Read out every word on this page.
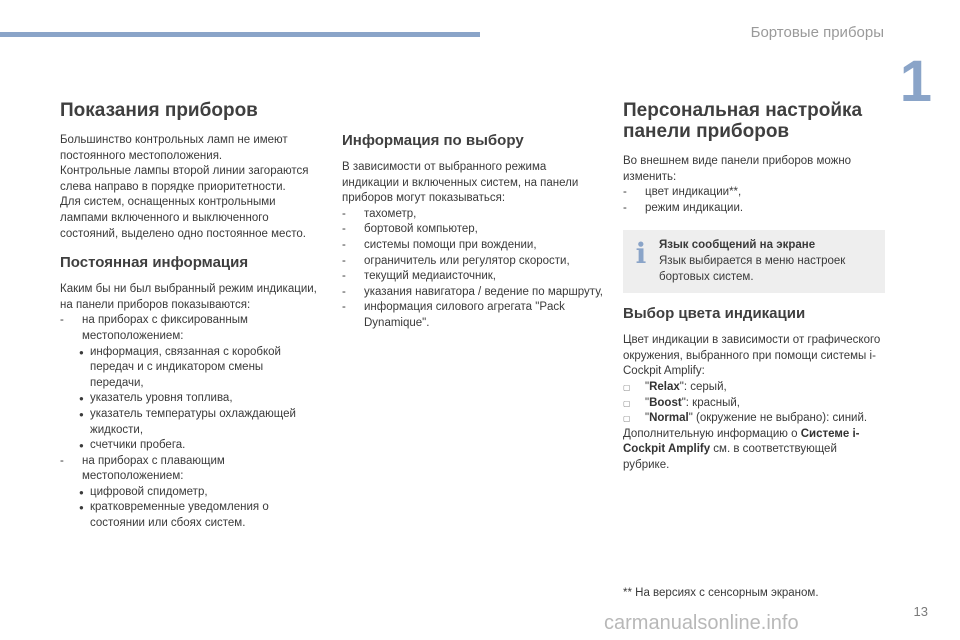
Бортовые приборы
1
Показания приборов

Большинство контрольных ламп не имеют постоянного местоположения.

Контрольные лампы второй линии загораются слева направо в порядке приоритетности.

Для систем, оснащенных контрольными лампами включенного и выключенного состояний, выделено одно постоянное место.

Постоянная информация

Каким бы ни был выбранный режим индикации, на панели приборов показываются:

- на приборах с фиксированным местоположением:
● информация, связанная с коробкой передач и с индикатором смены передачи,
● указатель уровня топлива,
● указатель температуры охлаждающей жидкости,
● счетчики пробега.
- на приборах с плавающим местоположением:
● цифровой спидометр,
● кратковременные уведомления о состоянии или сбоях систем.
Информация по выбору

В зависимости от выбранного режима индикации и включенных систем, на панели приборов могут показываться:

- тахометр,
- бортовой компьютер,
- системы помощи при вождении,
- ограничитель или регулятор скорости,
- текущий медиаисточник,
- указания навигатора / ведение по маршруту,
- информация силового агрегата "Pack Dynamique".
Персональная настройка панели приборов

Во внешнем виде панели приборов можно изменить:

- цвет индикации**,
- режим индикации.
i	Язык сообщений на экране
Язык выбирается в меню настроек бортовых систем.
Выбор цвета индикации

Цвет индикации в зависимости от графического окружения, выбранного при помощи системы i-Cockpit Amplify:

▢ "Relax": серый,
▢ "Boost": красный,
▢ "Normal" (окружение не выбрано): синий.

Дополнительную информацию о Системе i-Cockpit Amplify см. в соответствующей рубрике.

** На версиях с сенсорным экраном.
carmanualsonline.info
13
